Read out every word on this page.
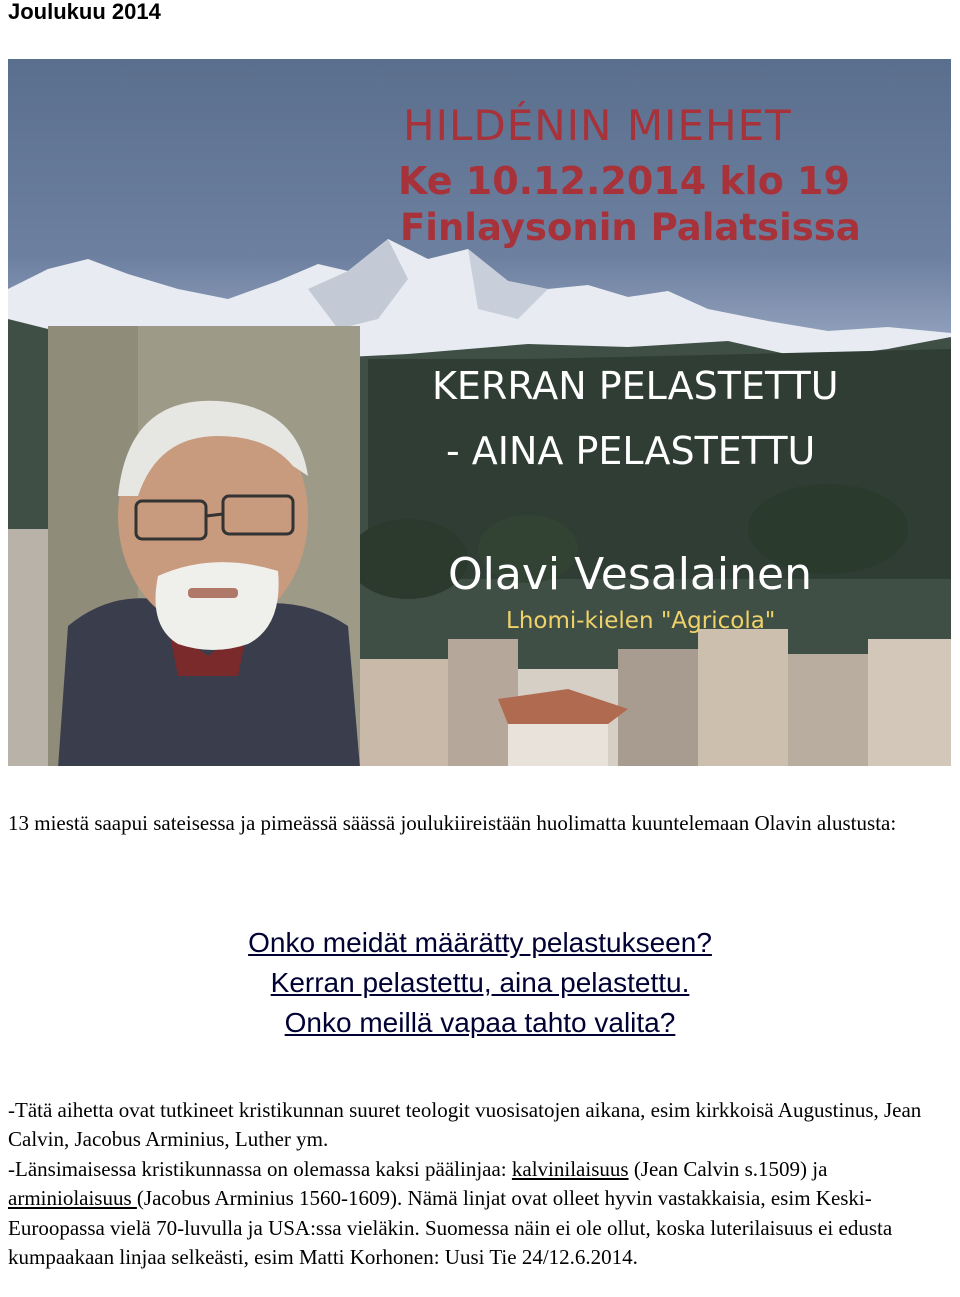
Joulukuu 2014
HILDÉNIN MIEHET
Ke 10.12.2014 klo 19
Finlaysonin Palatsissa
KERRAN PELASTETTU
- AINA PELASTETTU
Olavi Vesalainen
Lhomi-kielen "Agricola"

13 miestä saapui sateisessa ja pimeässä säässä joulukiireistään huolimatta kuuntelemaan Olavin alustusta:

Onko meidät määrätty pelastukseen?
Kerran pelastettu, aina pelastettu.
Onko meillä vapaa tahto valita?
-Tätä aihetta ovat tutkineet kristikunnan suuret teologit vuosisatojen aikana, esim kirkkoisä Augustinus, Jean Calvin, Jacobus Arminius, Luther ym.
-Länsimaisessa kristikunnassa on olemassa kaksi päälinjaa: kalvinilaisuus (Jean Calvin s.1509) ja arminiolaisuus (Jacobus Arminius 1560-1609). Nämä linjat ovat olleet hyvin vastakkaisia, esim Keski-Euroopassa vielä 70-luvulla ja USA:ssa vieläkin. Suomessa näin ei ole ollut, koska luterilaisuus ei edusta kumpaakaan linjaa selkeästi, esim Matti Korhonen: Uusi Tie 24/12.6.2014.
